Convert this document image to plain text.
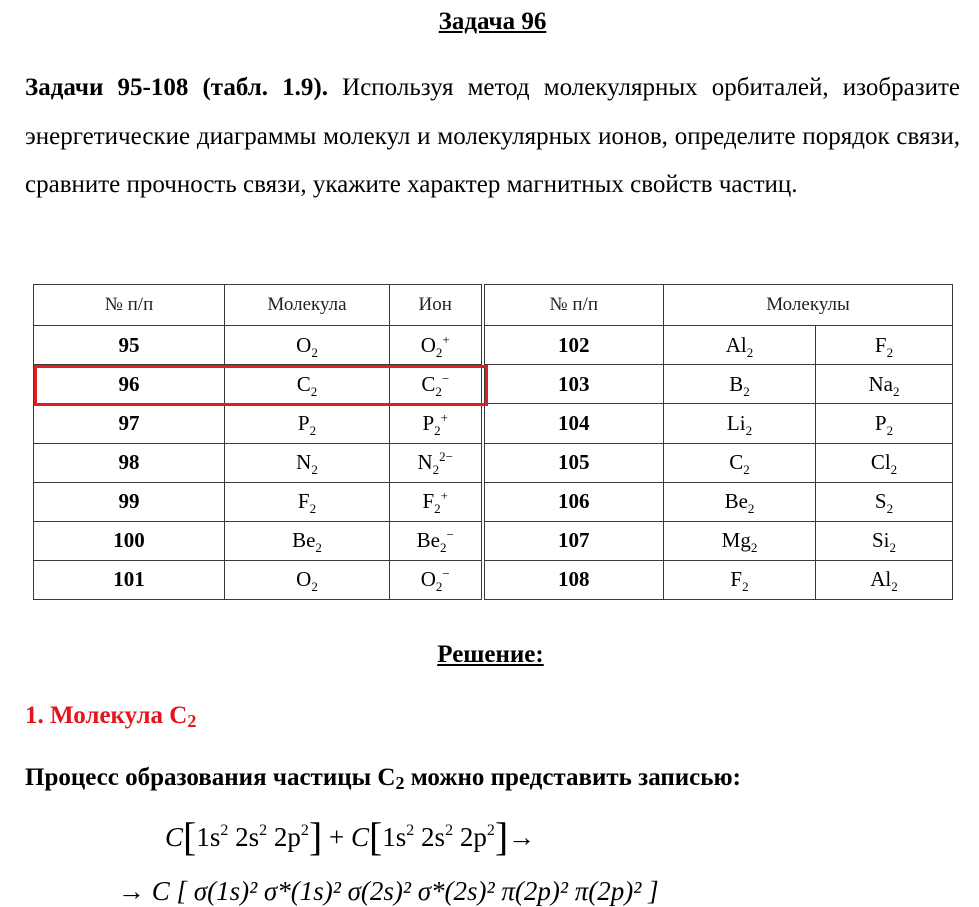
Задача 96
Задачи 95-108 (табл. 1.9). Используя метод молекулярных орбиталей, изобразите энергетические диаграммы молекул и молекулярных ионов, определите порядок связи, сравните прочность связи, укажите характер магнитных свойств частиц.
№ п/п	Молекула	Ион	№ п/п	Молекулы	
95	$O_2$	$O_2^+$	102	$Al_2$	$F_2$
96	$C_2$	$C_2^-$	103	$B_2$	$Na_2$
97	$P_2$	$P_2^+$	104	$Li_2$	$P_2$
98	$N_2$	$N_2^{2-}$	105	$C_2$	$Cl_2$
99	$F_2$	$F_2^+$	106	$Be_2$	$S_2$
100	$Be_2$	$Be_2^-$	107	$Mg_2$	$Si_2$
101	$O_2$	$O_2^-$	108	$F_2$	$Al_2$
Решение:
1. Молекула С2
Процесс образования частицы С2 можно представить записью:
$C[1s^2$ $2s^2$ $2p^2] + C[1s^2$ $2s^2$ $2p^2]\to$
→ C [ σ(1s)² σ*(1s)² σ(2s)² σ*(2s)² π(2p)² π(2p)² ]
